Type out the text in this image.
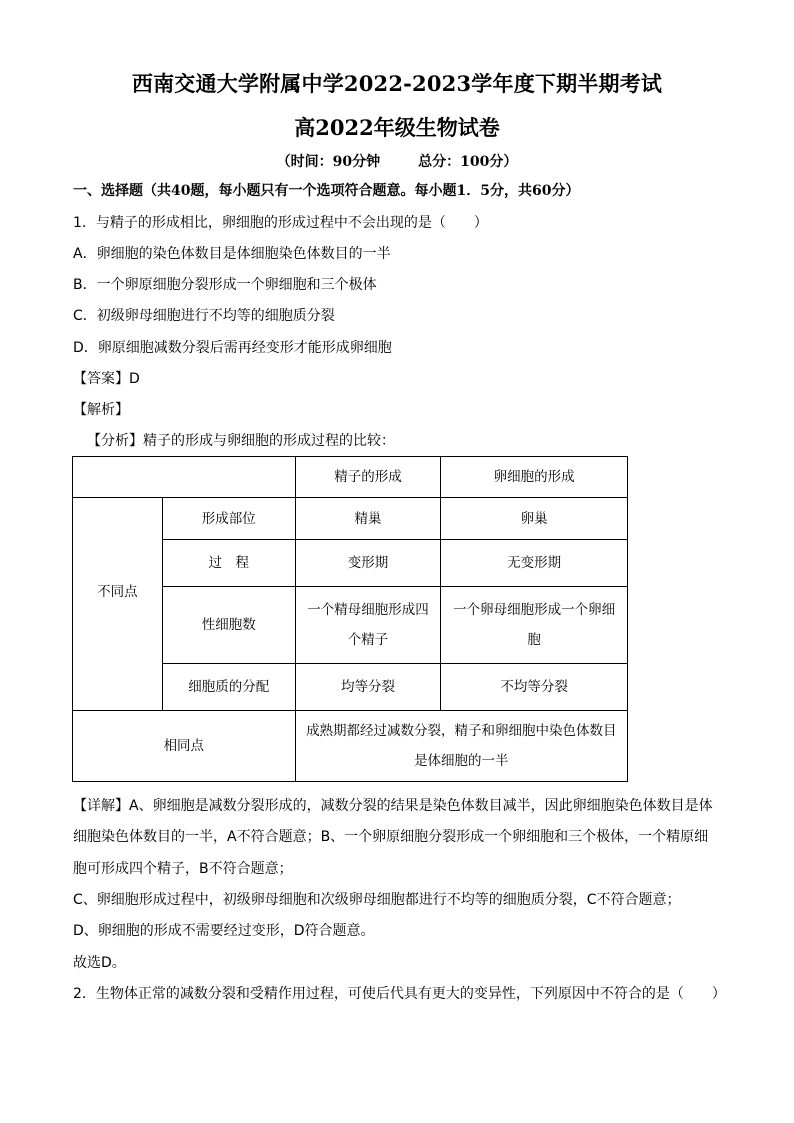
西南交通大学附属中学2022-2023学年度下期半期考试
高2022年级生物试卷
（时间：90分钟	总分：100分）
一、选择题（共40题，每小题只有一个选项符合题意。每小题1．5分，共60分）
1．与精子的形成相比，卵细胞的形成过程中不会出现的是（　　）
A．卵细胞的染色体数目是体细胞染色体数目的一半
B．一个卵原细胞分裂形成一个卵细胞和三个极体
C．初级卵母细胞进行不均等的细胞质分裂
D．卵原细胞减数分裂后需再经变形才能形成卵细胞
【答案】D
【解析】
【分析】精子的形成与卵细胞的形成过程的比较：
		精子的形成	卵细胞的形成
不同点	形成部位	精巢	卵巢
	过　程	变形期	无变形期
	性细胞数	一个精母细胞形成四个精子	一个卵母细胞形成一个卵细胞
	细胞质的分配	均等分裂	不均等分裂
相同点		成熟期都经过减数分裂，精子和卵细胞中染色体数目是体细胞的一半	
【详解】A、卵细胞是减数分裂形成的，减数分裂的结果是染色体数目减半，因此卵细胞染色体数目是体
细胞染色体数目的一半，A不符合题意；B、一个卵原细胞分裂形成一个卵细胞和三个极体，一个精原细
胞可形成四个精子，B不符合题意；
C、卵细胞形成过程中，初级卵母细胞和次级卵母细胞都进行不均等的细胞质分裂，C不符合题意；
D、卵细胞的形成不需要经过变形，D符合题意。
故选D。
2．生物体正常的减数分裂和受精作用过程，可使后代具有更大的变异性，下列原因中不符合的是（　　）
